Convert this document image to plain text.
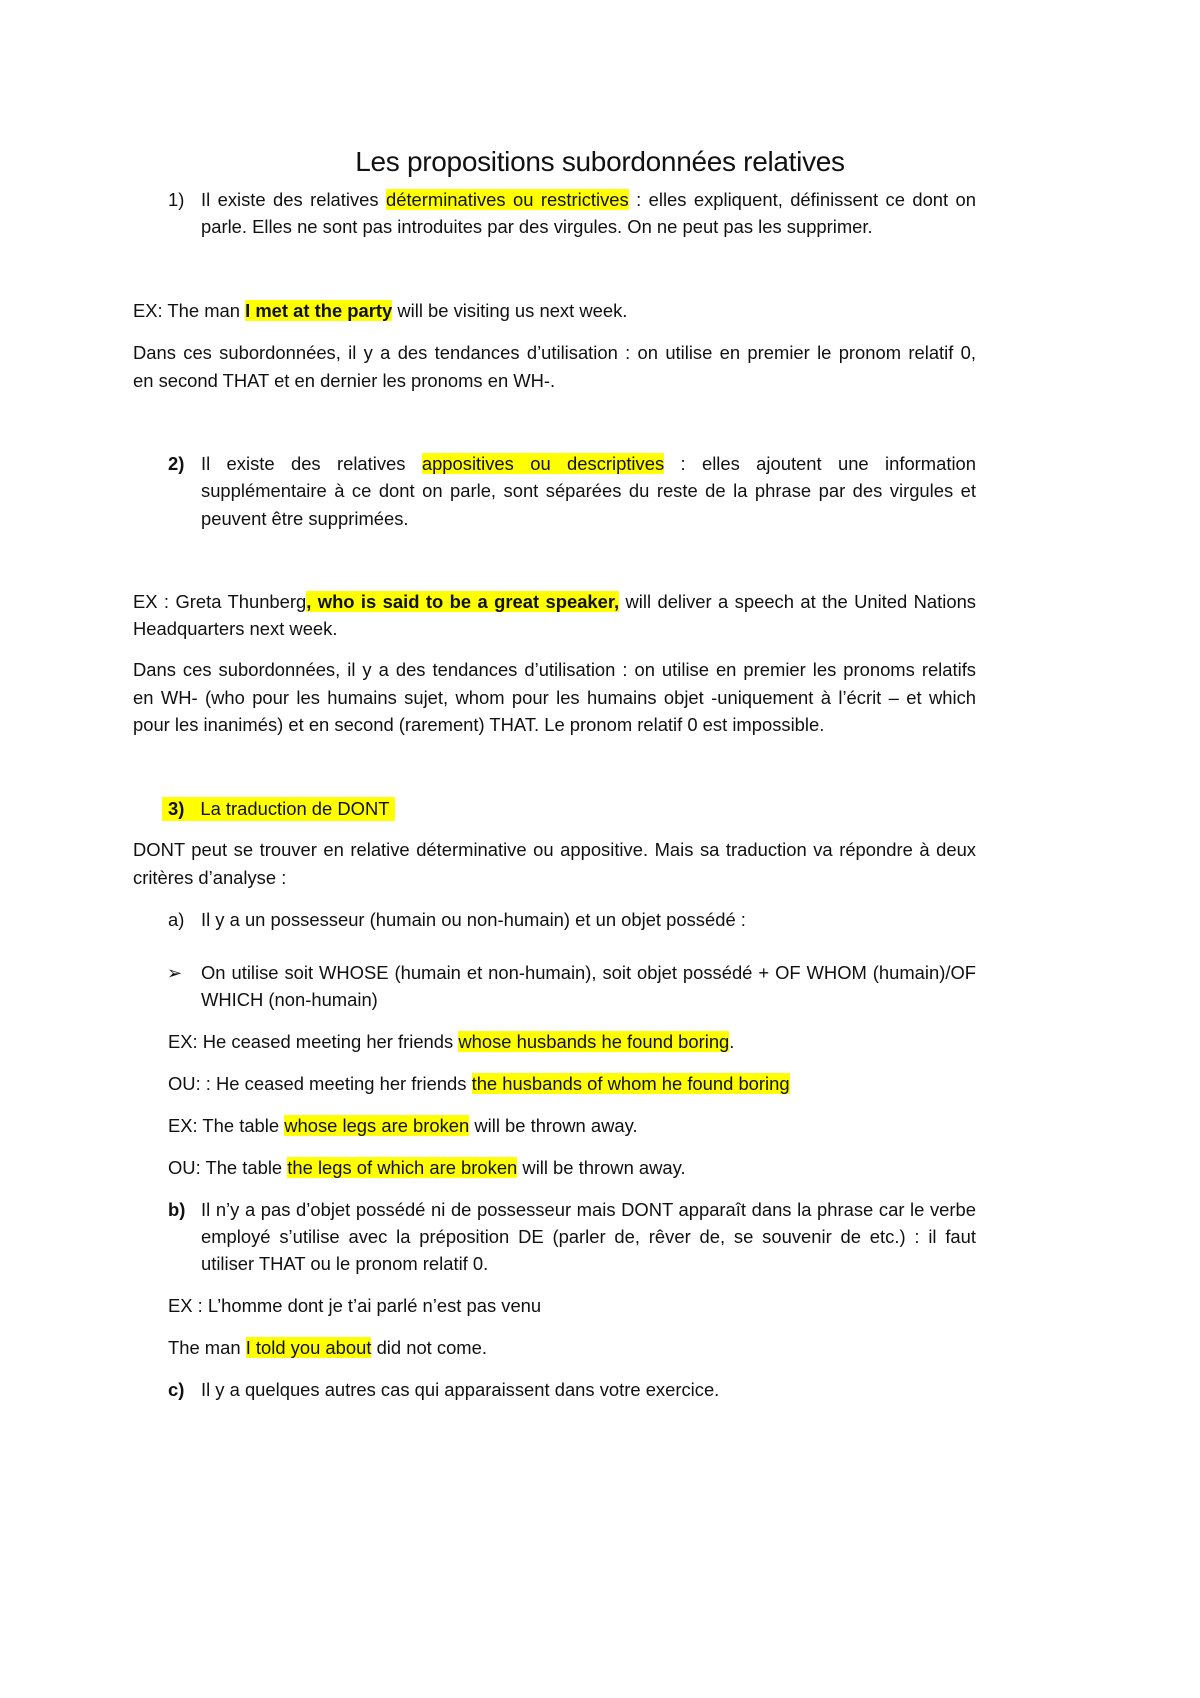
Les propositions subordonnées relatives
1) Il existe des relatives déterminatives ou restrictives : elles expliquent, définissent ce dont on
parle. Elles ne sont pas introduites par des virgules. On ne peut pas les supprimer.
EX: The man I met at the party will be visiting us next week.
Dans ces subordonnées, il y a des tendances d’utilisation : on utilise en premier le pronom relatif 0,
en second THAT et en dernier les pronoms en WH-.
2) Il existe des relatives appositives ou descriptives : elles ajoutent une information
supplémentaire à ce dont on parle, sont séparées du reste de la phrase par des virgules et
peuvent être supprimées.
EX : Greta Thunberg, who is said to be a great speaker, will deliver a speech at the United Nations
Headquarters next week.
Dans ces subordonnées, il y a des tendances d’utilisation : on utilise en premier les pronoms relatifs
en WH- (who pour les humains sujet, whom pour les humains objet -uniquement à l’écrit – et which
pour les inanimés) et en second (rarement) THAT. Le pronom relatif 0 est impossible.
3) La traduction de DONT
DONT peut se trouver en relative déterminative ou appositive. Mais sa traduction va répondre à deux
critères d’analyse :
a) Il y a un possesseur (humain ou non-humain) et un objet possédé :
➢ On utilise soit WHOSE (humain et non-humain), soit objet possédé + OF WHOM (humain)/OF
WHICH (non-humain)
EX: He ceased meeting her friends whose husbands he found boring.
OU: : He ceased meeting her friends the husbands of whom he found boring
EX: The table whose legs are broken will be thrown away.
OU: The table the legs of which are broken will be thrown away.
b) Il n’y a pas d’objet possédé ni de possesseur mais DONT apparaît dans la phrase car le verbe
employé s’utilise avec la préposition DE (parler de, rêver de, se souvenir de etc.) : il faut
utiliser THAT ou le pronom relatif 0.
EX : L’homme dont je t’ai parlé n’est pas venu
The man I told you about did not come.
c) Il y a quelques autres cas qui apparaissent dans votre exercice.
